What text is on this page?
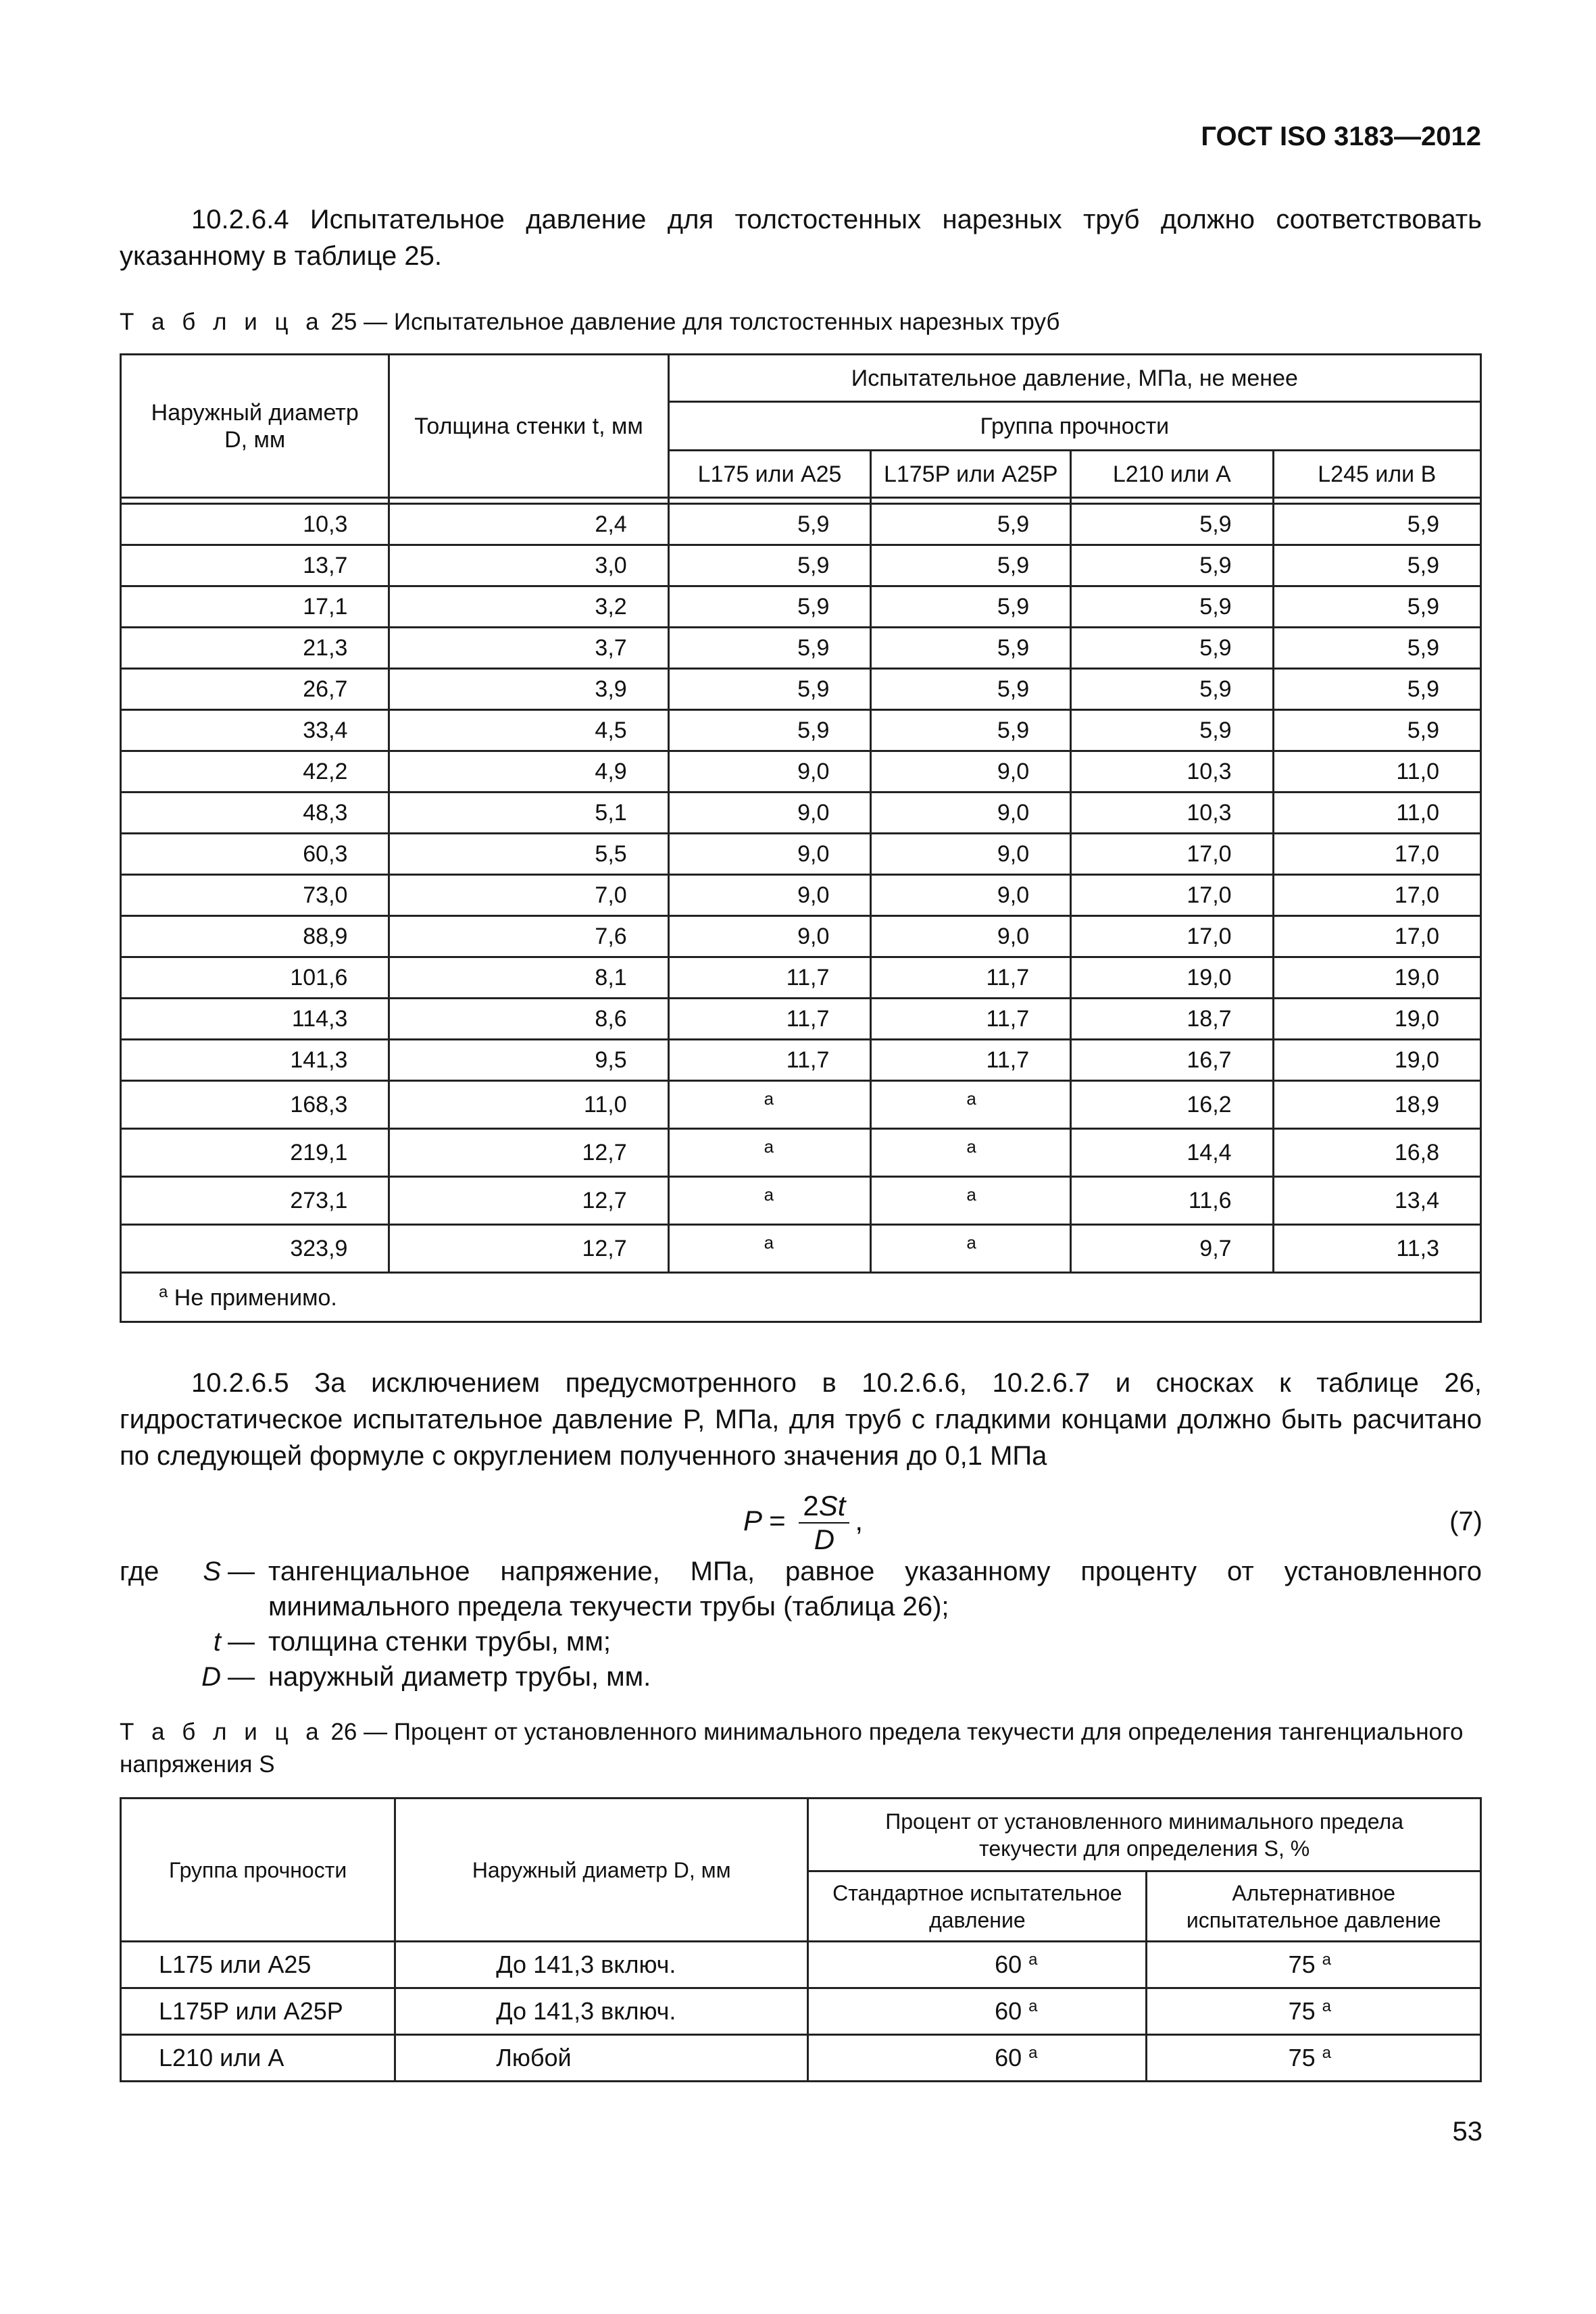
ГОСТ ISO 3183—2012
10.2.6.4 Испытательное давление для толстостенных нарезных труб должно соответствовать указанному в таблице 25.
Т а б л и ц а 25 — Испытательное давление для толстостенных нарезных труб
Наружный диаметр D, мм	Толщина стенки t, мм	Испытательное давление, МПа, не менее			
		Группа прочности			
		L175 или A25	L175P или A25P	L210 или A	L245 или B

10,3	2,4	5,9	5,9	5,9	5,9
13,7	3,0	5,9	5,9	5,9	5,9
17,1	3,2	5,9	5,9	5,9	5,9
21,3	3,7	5,9	5,9	5,9	5,9
26,7	3,9	5,9	5,9	5,9	5,9
33,4	4,5	5,9	5,9	5,9	5,9
42,2	4,9	9,0	9,0	10,3	11,0
48,3	5,1	9,0	9,0	10,3	11,0
60,3	5,5	9,0	9,0	17,0	17,0
73,0	7,0	9,0	9,0	17,0	17,0
88,9	7,6	9,0	9,0	17,0	17,0
101,6	8,1	11,7	11,7	19,0	19,0
114,3	8,6	11,7	11,7	18,7	19,0
141,3	9,5	11,7	11,7	16,7	19,0
168,3	11,0	a	a	16,2	18,9
219,1	12,7	a	a	14,4	16,8
273,1	12,7	a	a	11,6	13,4
323,9	12,7	a	a	9,7	11,3
$^a$ Не применимо.					
10.2.6.5 За исключением предусмотренного в 10.2.6.6, 10.2.6.7 и сносках к таблице 26, гидростатическое испытательное давление P, МПа, для труб с гладкими концами должно быть расчитано по следующей формуле с округлением полученного значения до 0,1 МПа
$P = \frac{2St}{D}$ ,	(7)
где	S — тангенциальное напряжение, МПа, равное указанному проценту от установленного минимального предела текучести трубы (таблица 26);
t — толщина стенки трубы, мм;
D — наружный диаметр трубы, мм.
Т а б л и ц а 26 — Процент от установленного минимального предела текучести для определения тангенциального напряжения S
Группа прочности	Наружный диаметр D, мм	Процент от установленного минимального предела текучести для определения S, %	
		Стандартное испытательное давление	Альтернативное испытательное давление
L175 или A25	До 141,3 включ.	60 $^a$	75 $^a$
L175P или A25P	До 141,3 включ.	60 $^a$	75 $^a$
L210 или A	Любой	60 $^a$	75 $^a$
53
